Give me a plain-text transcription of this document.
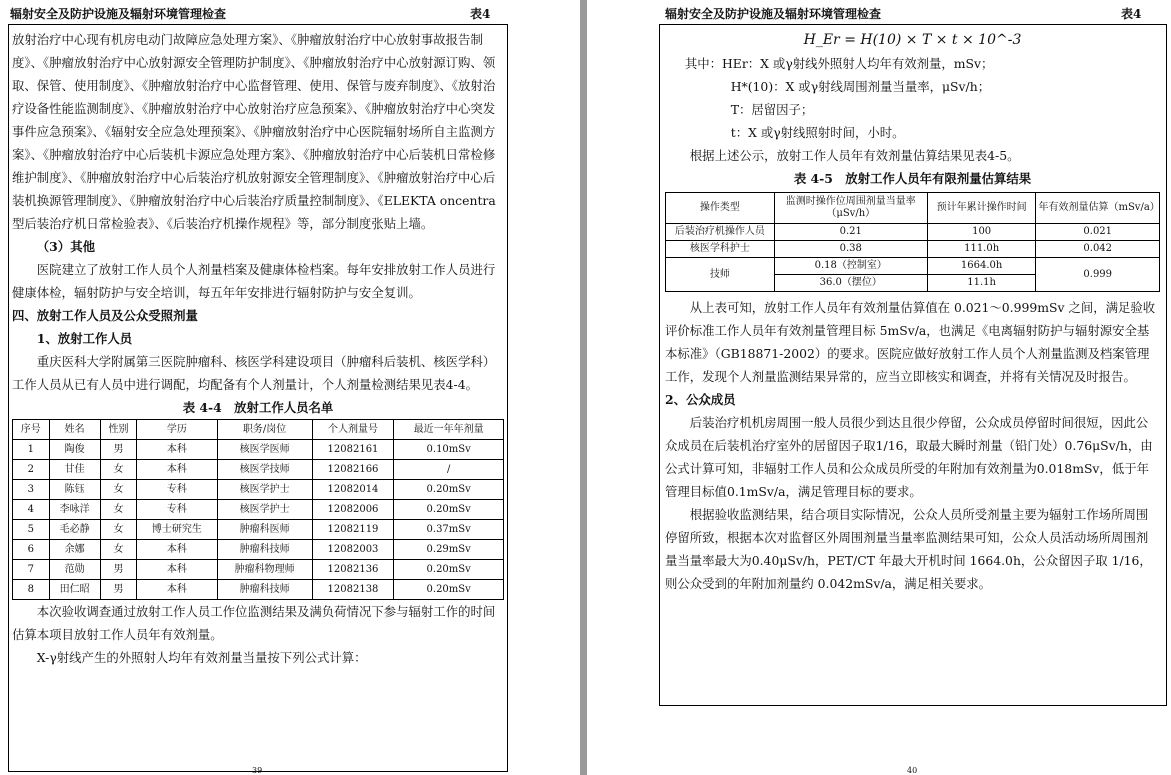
辐射安全及防护设施及辐射环境管理检查	表4

放射治疗中心现有机房电动门故障应急处理方案》、《肿瘤放射治疗中心放射事故报告制度》、《肿瘤放射治疗中心放射源安全管理防护制度》、《肿瘤放射治疗中心放射源订购、领取、保管、使用制度》、《肿瘤放射治疗中心监督管理、使用、保管与废弃制度》、《放射治疗设备性能监测制度》、《肿瘤放射治疗中心放射治疗应急预案》、《肿瘤放射治疗中心突发事件应急预案》、《辐射安全应急处理预案》、《肿瘤放射治疗中心医院辐射场所自主监测方案》、《肿瘤放射治疗中心后装机卡源应急处理方案》、《肿瘤放射治疗中心后装机日常检修维护制度》、《肿瘤放射治疗中心后装治疗机放射源安全管理制度》、《肿瘤放射治疗中心后装机换源管理制度》、《肿瘤放射治疗中心后装治疗质量控制制度》、《ELEKTA oncentra 型后装治疗机日常检验表》、《后装治疗机操作规程》等，部分制度张贴上墙。

（3）其他

医院建立了放射工作人员个人剂量档案及健康体检档案。每年安排放射工作人员进行健康体检，辐射防护与安全培训，每五年年安排进行辐射防护与安全复训。

四、放射工作人员及公众受照剂量

1、放射工作人员

重庆医科大学附属第三医院肿瘤科、核医学科建设项目（肿瘤科后装机、核医学科）工作人员从已有人员中进行调配，均配备有个人剂量计，个人剂量检测结果见表4-4。

表 4-4　放射工作人员名单

序号	姓名	性别	学历	职务/岗位	个人剂量号	最近一年年剂量
1	陶俊	男	本科	核医学医师	12082161	0.10mSv
2	甘佳	女	本科	核医学技师	12082166	/
3	陈钰	女	专科	核医学护士	12082014	0.20mSv
4	李咏洋	女	专科	核医学护士	12082006	0.20mSv
5	毛必静	女	博士研究生	肿瘤科医师	12082119	0.37mSv
6	余娜	女	本科	肿瘤科技师	12082003	0.29mSv
7	范勋	男	本科	肿瘤科物理师	12082136	0.20mSv
8	田仁昭	男	本科	肿瘤科技师	12082138	0.20mSv

本次验收调查通过放射工作人员工作位监测结果及满负荷情况下参与辐射工作的时间估算本项目放射工作人员年有效剂量。

X-γ射线产生的外照射人均年有效剂量当量按下列公式计算：

39
辐射安全及防护设施及辐射环境管理检查	表4

H_Er = H(10) × T × t × 10^-3

其中：HEr：X 或γ射线外照射人均年有效剂量，mSv；

H*(10)：X 或γ射线周围剂量当量率，μSv/h；

T：居留因子；

t：X 或γ射线照射时间，小时。

根据上述公示，放射工作人员年有效剂量估算结果见表4-5。

表 4-5　放射工作人员年有限剂量估算结果

操作类型	监测时操作位周围剂量当量率（μSv/h）	预计年累计操作时间	年有效剂量估算（mSv/a）
后装治疗机操作人员	0.21	100	0.021
核医学科护士	0.38	111.0h	0.042
技师	0.18（控制室）	1664.0h	0.999
	36.0（摆位）	11.1h	

从上表可知，放射工作人员年有效剂量估算值在 0.021～0.999mSv 之间，满足验收评价标准工作人员年有效剂量管理目标 5mSv/a，也满足《电离辐射防护与辐射源安全基本标准》（GB18871-2002）的要求。医院应做好放射工作人员个人剂量监测及档案管理工作，发现个人剂量监测结果异常的，应当立即核实和调查，并将有关情况及时报告。

2、公众成员

后装治疗机机房周围一般人员很少到达且很少停留，公众成员停留时间很短，因此公众成员在后装机治疗室外的居留因子取1/16，取最大瞬时剂量（铅门处）0.76μSv/h，由公式计算可知，非辐射工作人员和公众成员所受的年附加有效剂量为0.018mSv，低于年管理目标值0.1mSv/a，满足管理目标的要求。

根据验收监测结果，结合项目实际情况，公众人员所受剂量主要为辐射工作场所周围停留所致，根据本次对监督区外周围剂量当量率监测结果可知，公众人员活动场所周围剂量当量率最大为0.40μSv/h，PET/CT 年最大开机时间 1664.0h，公众留因子取 1/16，则公众受到的年附加剂量约 0.042mSv/a，满足相关要求。

40
